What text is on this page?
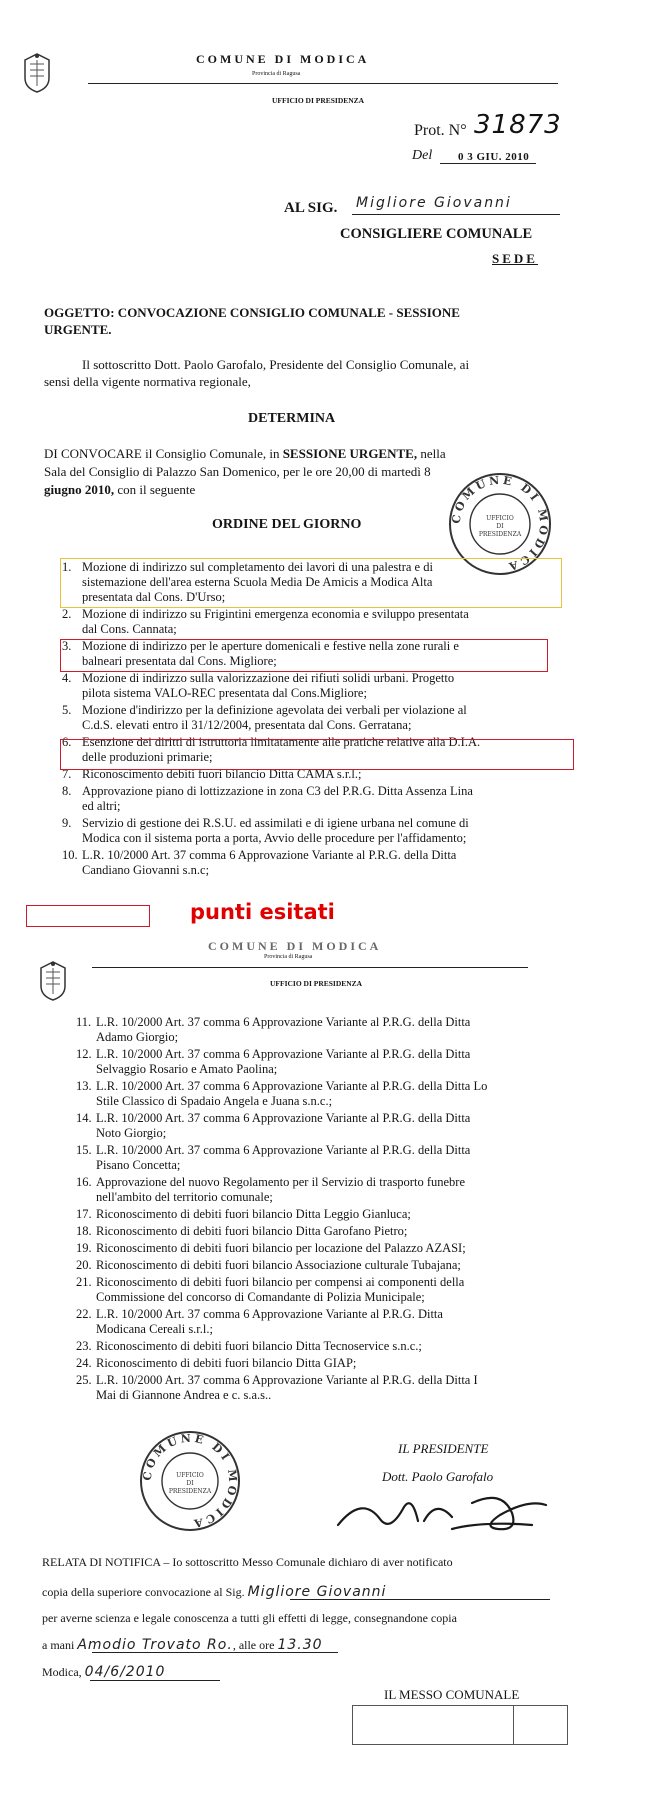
COMUNE DI MODICA
Provincia di Ragusa
UFFICIO DI PRESIDENZA
Prot. N° 31873
Del 0 3 GIU. 2010
AL SIG. Migliore Giovanni
CONSIGLIERE COMUNALE
SEDE
OGGETTO: CONVOCAZIONE CONSIGLIO COMUNALE - SESSIONE
URGENTE.
Il sottoscritto Dott. Paolo Garofalo, Presidente del Consiglio Comunale, ai
sensi della vigente normativa regionale,
DETERMINA
DI CONVOCARE il Consiglio Comunale, in SESSIONE URGENTE, nella
Sala del Consiglio di Palazzo San Domenico, per le ore 20,00 di martedì 8
giugno 2010, con il seguente
ORDINE DEL GIORNO	COMUNE DI MODICA
UFFICIO
DI
PRESIDENZA
1. Mozione di indirizzo sul completamento dei lavori di una palestra e di
sistemazione dell'area esterna Scuola Media De Amicis a Modica Alta
presentata dal Cons. D'Urso;
2. Mozione di indirizzo su Frigintini emergenza economia e sviluppo presentata
dal Cons. Cannata;
3. Mozione di indirizzo per le aperture domenicali e festive nella zone rurali e
balneari presentata dal Cons. Migliore;
4. Mozione di indirizzo sulla valorizzazione dei rifiuti solidi urbani. Progetto
pilota sistema VALO-REC presentata dal Cons.Migliore;
5. Mozione d'indirizzo per la definizione agevolata dei verbali per violazione al
C.d.S. elevati entro il 31/12/2004, presentata dal Cons. Gerratana;
6. Esenzione dei diritti di istruttoria limitatamente alle pratiche relative alla D.I.A.
delle produzioni primarie;
7. Riconoscimento debiti fuori bilancio Ditta CAMA s.r.l.;
8. Approvazione piano di lottizzazione in zona C3 del P.R.G. Ditta Assenza Lina
ed altri;
9. Servizio di gestione dei R.S.U. ed assimilati e di igiene urbana nel comune di
Modica con il sistema porta a porta, Avvio delle procedure per l'affidamento;
10. L.R. 10/2000 Art. 37 comma 6 Approvazione Variante al P.R.G. della Ditta
Candiano Giovanni s.n.c;
punti esitati
COMUNE DI MODICA
Provincia di Ragusa
UFFICIO DI PRESIDENZA
11. L.R. 10/2000 Art. 37 comma 6 Approvazione Variante al P.R.G. della Ditta
Adamo Giorgio;
12. L.R. 10/2000 Art. 37 comma 6 Approvazione Variante al P.R.G. della Ditta
Selvaggio Rosario e Amato Paolina;
13. L.R. 10/2000 Art. 37 comma 6 Approvazione Variante al P.R.G. della Ditta Lo
Stile Classico di Spadaio Angela e Juana s.n.c.;
14. L.R. 10/2000 Art. 37 comma 6 Approvazione Variante al P.R.G. della Ditta
Noto Giorgio;
15. L.R. 10/2000 Art. 37 comma 6 Approvazione Variante al P.R.G. della Ditta
Pisano Concetta;
16. Approvazione del nuovo Regolamento per il Servizio di trasporto funebre
nell'ambito del territorio comunale;
17. Riconoscimento di debiti fuori bilancio Ditta Leggio Gianluca;
18. Riconoscimento di debiti fuori bilancio Ditta Garofano Pietro;
19. Riconoscimento di debiti fuori bilancio per locazione del Palazzo AZASI;
20. Riconoscimento di debiti fuori bilancio Associazione culturale Tubajana;
21. Riconoscimento di debiti fuori bilancio per compensi ai componenti della
Commissione del concorso di Comandante di Polizia Municipale;
22. L.R. 10/2000 Art. 37 comma 6 Approvazione Variante al P.R.G. Ditta
Modicana Cereali s.r.l.;
23. Riconoscimento di debiti fuori bilancio Ditta Tecnoservice s.n.c.;
24. Riconoscimento di debiti fuori bilancio Ditta GIAP;
25. L.R. 10/2000 Art. 37 comma 6 Approvazione Variante al P.R.G. della Ditta I
Mai di Giannone Andrea e c. s.a.s..
COMUNE DI MODICA
UFFICIO
DI
PRESIDENZA
IL PRESIDENTE
Dott. Paolo Garofalo
RELATA DI NOTIFICA – Io sottoscritto Messo Comunale dichiaro di aver notificato
copia della superiore convocazione al Sig. Migliore Giovanni
per averne scienza e legale conoscenza a tutti gli effetti di legge, consegnandone copia
a mani Amodio Trovato Ro., alle ore 13.30
Modica, 04/6/2010
IL MESSO COMUNALE
